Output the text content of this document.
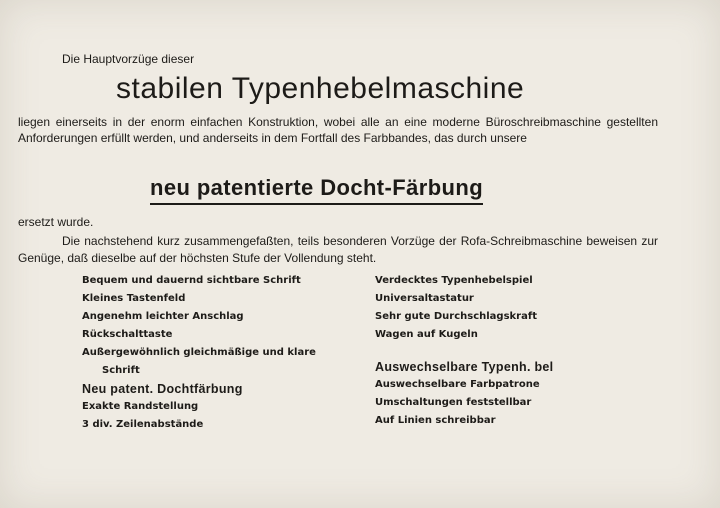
Die Hauptvorzüge dieser
stabilen Typenhebelmaschine
liegen einerseits in der enorm einfachen Konstruktion, wobei alle an eine moderne Büroschreibmaschine gestellten Anforderungen erfüllt werden, und anderseits in dem Fortfall des Farbbandes, das durch unsere
neu patentierte Docht-Färbung
ersetzt wurde.
Die nachstehend kurz zusammengefaßten, teils besonderen Vorzüge der Rofa-Schreibmaschine beweisen zur Genüge, daß dieselbe auf der höchsten Stufe der Vollendung steht.
Bequem und dauernd sichtbare Schrift
Kleines Tastenfeld
Angenehm leichter Anschlag
Rückschalttaste
Außergewöhnlich gleichmäßige und klare
Schrift
Neu patent. Dochtfärbung
Exakte Randstellung
3 div. Zeilenabstände
Verdecktes Typenhebelspiel
Universaltastatur
Sehr gute Durchschlagskraft
Wagen auf Kugeln
Auswechselbare Typenh. bel
Auswechselbare Farbpatrone
Umschaltungen feststellbar
Auf Linien schreibbar
